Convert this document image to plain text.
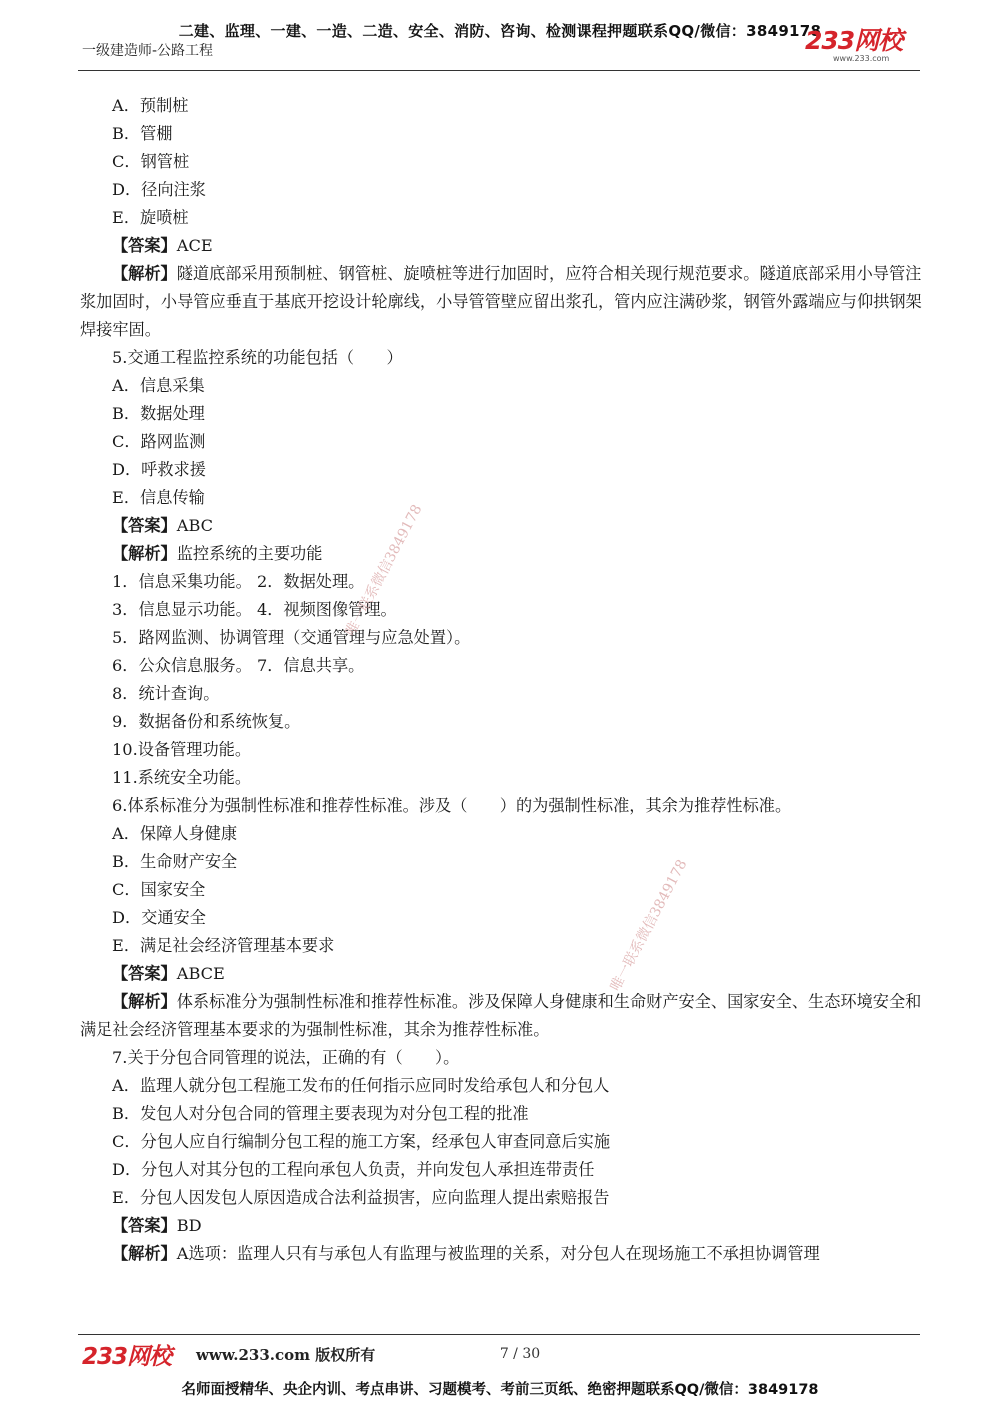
二建、监理、一建、一造、二造、安全、消防、咨询、检测课程押题联系QQ/微信：3849178
一级建造师-公路工程	233网校
www.233.com
A．预制桩
B．管棚
C．钢管桩
D．径向注浆
E．旋喷桩
【答案】ACE
【解析】隧道底部采用预制桩、钢管桩、旋喷桩等进行加固时，应符合相关现行规范要求。隧道底部采用小导管注浆加固时，小导管应垂直于基底开挖设计轮廓线，小导管管壁应留出浆孔，管内应注满砂浆，钢管外露端应与仰拱钢架焊接牢固。
5.交通工程监控系统的功能包括（　　）
A．信息采集
B．数据处理
C．路网监测
D．呼救求援
E．信息传输
【答案】ABC
【解析】监控系统的主要功能
1．信息采集功能。 2．数据处理。
3．信息显示功能。 4．视频图像管理。
5．路网监测、协调管理（交通管理与应急处置）。
6．公众信息服务。 7．信息共享。
8．统计查询。
9．数据备份和系统恢复。
10.设备管理功能。
11.系统安全功能。
6.体系标准分为强制性标准和推荐性标准。涉及（　　）的为强制性标准，其余为推荐性标准。
A．保障人身健康
B．生命财产安全
C．国家安全
D．交通安全
E．满足社会经济管理基本要求
【答案】ABCE
【解析】体系标准分为强制性标准和推荐性标准。涉及保障人身健康和生命财产安全、国家安全、生态环境安全和满足社会经济管理基本要求的为强制性标准，其余为推荐性标准。
7.关于分包合同管理的说法，正确的有（　　）。
A．监理人就分包工程施工发布的任何指示应同时发给承包人和分包人
B．发包人对分包合同的管理主要表现为对分包工程的批准
C．分包人应自行编制分包工程的施工方案，经承包人审查同意后实施
D．分包人对其分包的工程向承包人负责，并向发包人承担连带责任
E．分包人因发包人原因造成合法利益损害，应向监理人提出索赔报告
【答案】BD
【解析】A选项：监理人只有与承包人有监理与被监理的关系，对分包人在现场施工不承担协调管理
唯一联系微信3849178
唯一联系微信3849178
233网校 www.233.com 版权所有	7 / 30
名师面授精华、央企内训、考点串讲、习题模考、考前三页纸、绝密押题联系QQ/微信：3849178
